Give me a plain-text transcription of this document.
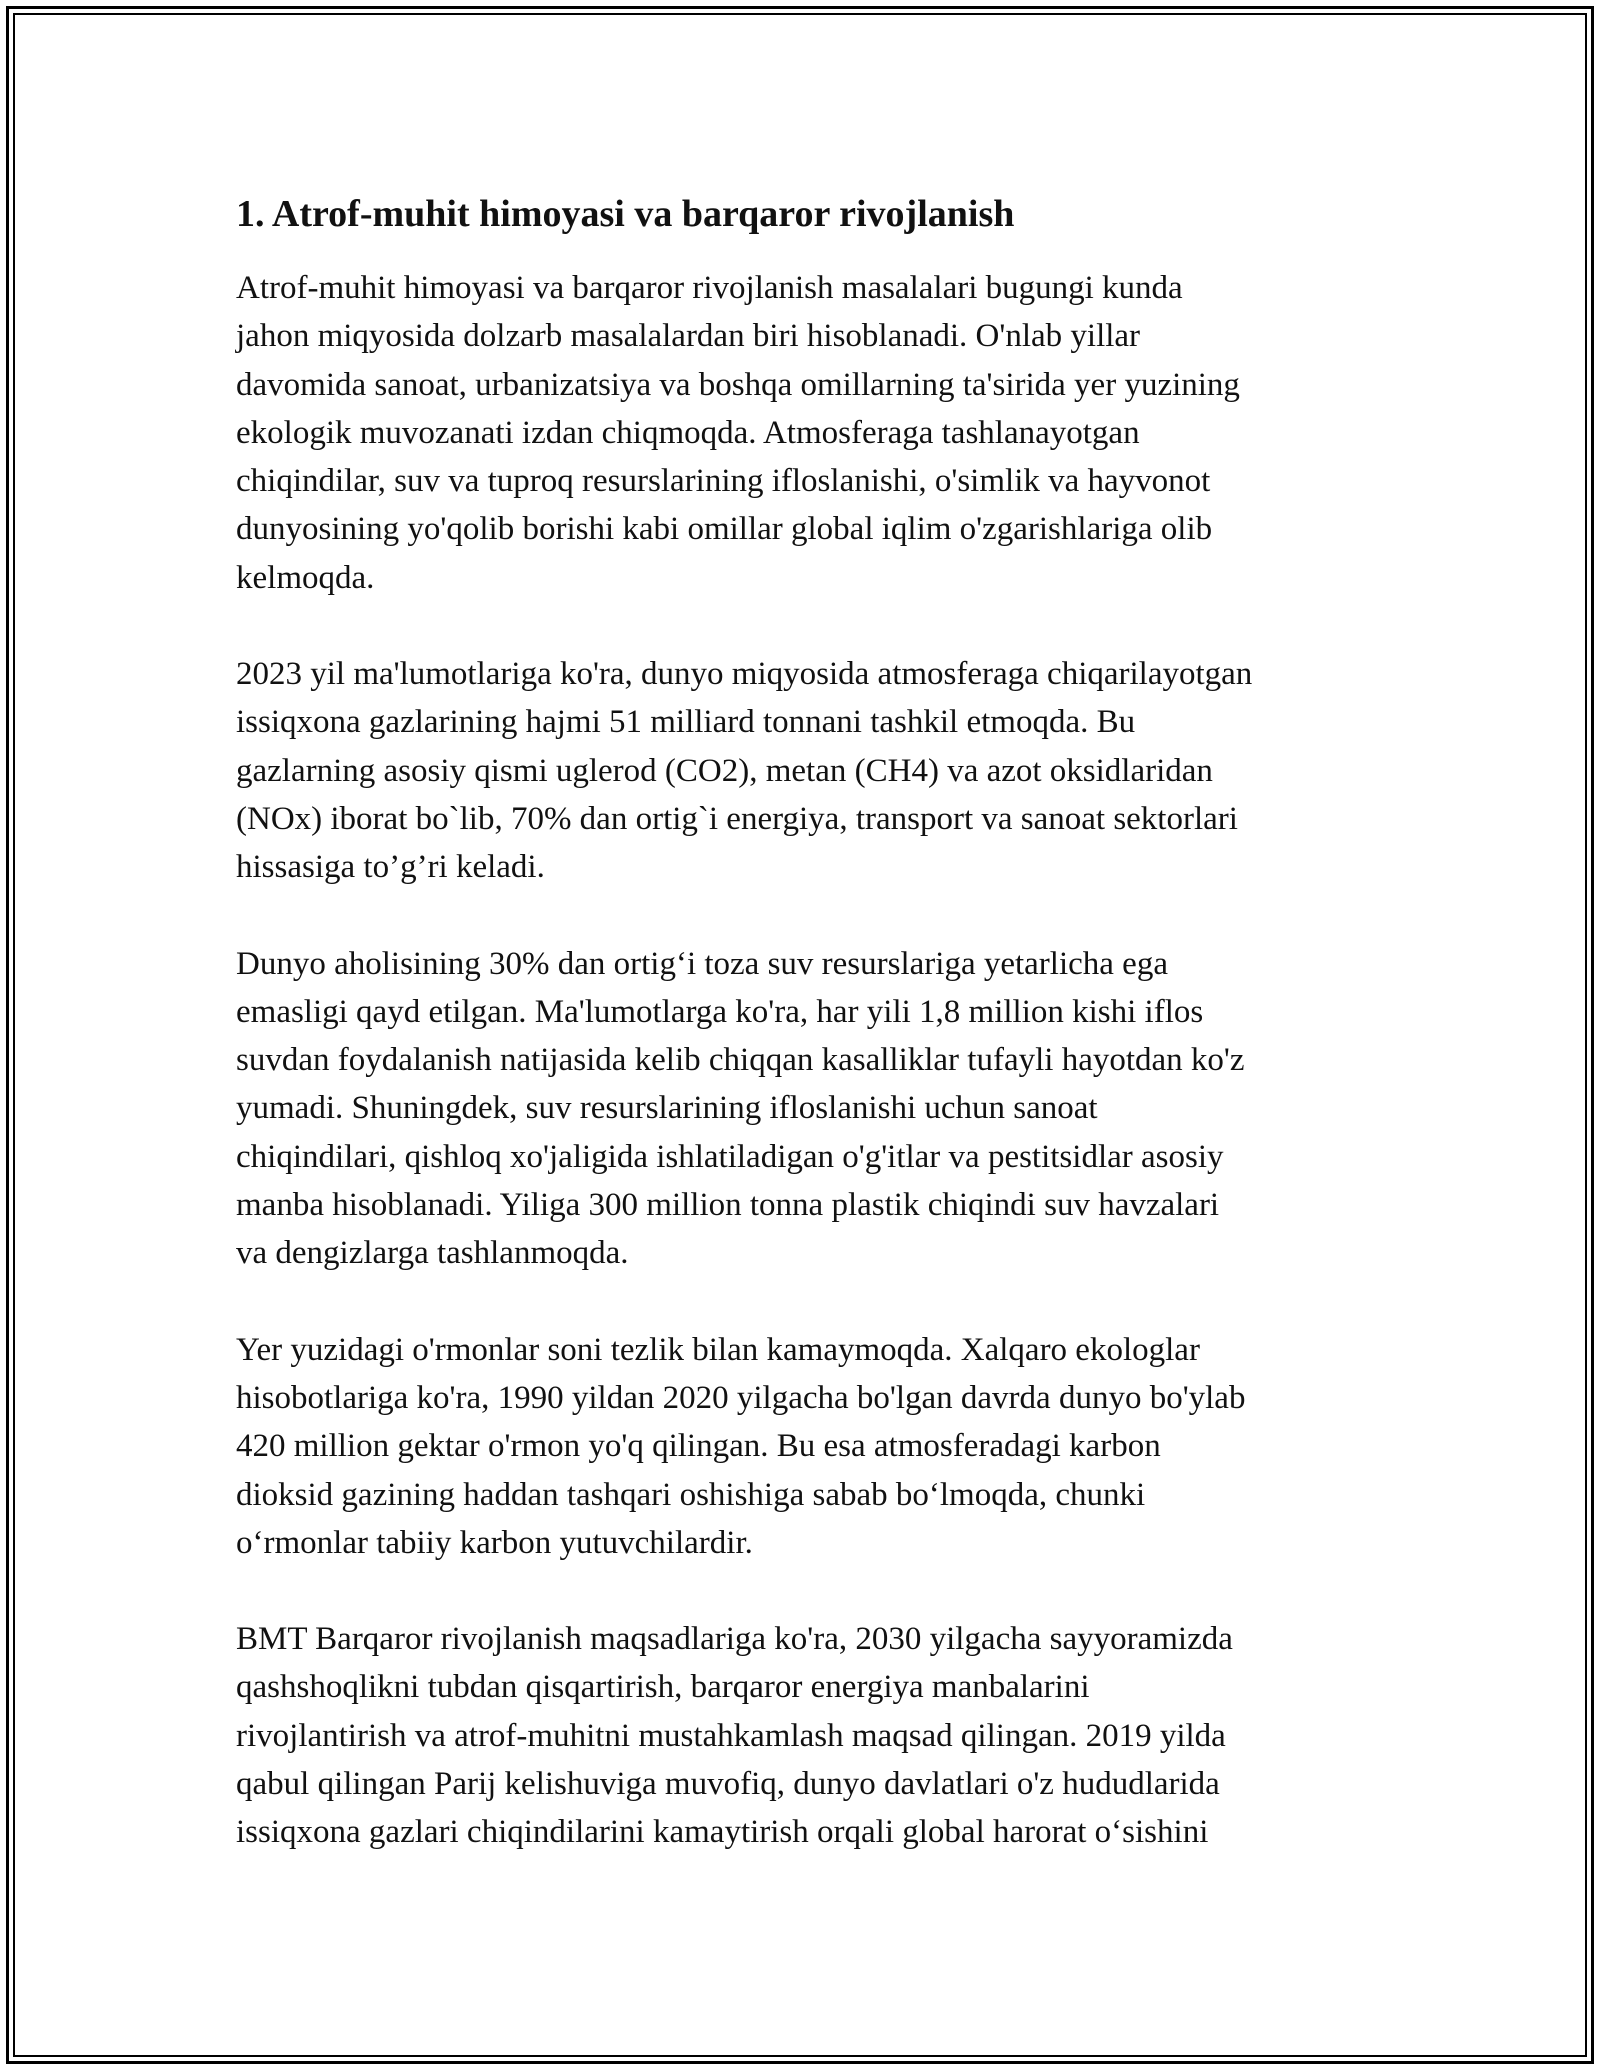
1. Atrof-muhit himoyasi va barqaror rivojlanish

Atrof-muhit himoyasi va barqaror rivojlanish masalalari bugungi kunda
jahon miqyosida dolzarb masalalardan biri hisoblanadi. O'nlab yillar
davomida sanoat, urbanizatsiya va boshqa omillarning ta'sirida yer yuzining
ekologik muvozanati izdan chiqmoqda. Atmosferaga tashlanayotgan
chiqindilar, suv va tuproq resurslarining ifloslanishi, o'simlik va hayvonot
dunyosining yo'qolib borishi kabi omillar global iqlim o'zgarishlariga olib
kelmoqda.

2023 yil ma'lumotlariga ko'ra, dunyo miqyosida atmosferaga chiqarilayotgan
issiqxona gazlarining hajmi 51 milliard tonnani tashkil etmoqda. Bu
gazlarning asosiy qismi uglerod (CO2), metan (CH4) va azot oksidlaridan
(NOx) iborat bo`lib, 70% dan ortig`i energiya, transport va sanoat sektorlari
hissasiga to’g’ri keladi.

Dunyo aholisining 30% dan ortig‘i toza suv resurslariga yetarlicha ega
emasligi qayd etilgan. Ma'lumotlarga ko'ra, har yili 1,8 million kishi iflos
suvdan foydalanish natijasida kelib chiqqan kasalliklar tufayli hayotdan ko'z
yumadi. Shuningdek, suv resurslarining ifloslanishi uchun sanoat
chiqindilari, qishloq xo'jaligida ishlatiladigan o'g'itlar va pestitsidlar asosiy
manba hisoblanadi. Yiliga 300 million tonna plastik chiqindi suv havzalari
va dengizlarga tashlanmoqda.

Yer yuzidagi o'rmonlar soni tezlik bilan kamaymoqda. Xalqaro ekologlar
hisobotlariga ko'ra, 1990 yildan 2020 yilgacha bo'lgan davrda dunyo bo'ylab
420 million gektar o'rmon yo'q qilingan. Bu esa atmosferadagi karbon
dioksid gazining haddan tashqari oshishiga sabab bo‘lmoqda, chunki
o‘rmonlar tabiiy karbon yutuvchilardir.

BMT Barqaror rivojlanish maqsadlariga ko'ra, 2030 yilgacha sayyoramizda
qashshoqlikni tubdan qisqartirish, barqaror energiya manbalarini
rivojlantirish va atrof-muhitni mustahkamlash maqsad qilingan. 2019 yilda
qabul qilingan Parij kelishuviga muvofiq, dunyo davlatlari o'z hududlarida
issiqxona gazlari chiqindilarini kamaytirish orqali global harorat o‘sishini
